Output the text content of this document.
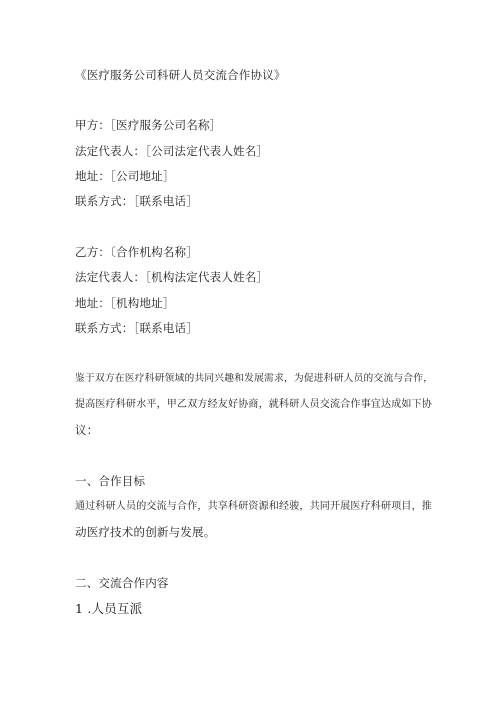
《医疗服务公司科研人员交流合作协议》
甲方：［医疗服务公司名称］
法定代表人：［公司法定代表人姓名］
地址：［公司地址］
联系方式：［联系电话］
乙方：〔合作机构名称］
法定代表人：［机构法定代表人姓名］
地址：［机构地址］
联系方式：［联系电话］
鉴于双方在医疗科研领域的共同兴趣和发展需求，为促进科研人员的交流与合作，
提高医疗科研水平，甲乙双方经友好协商，就科研人员交流合作事宜达成如下协
议：
一、合作目标
通过科研人员的交流与合作，共享科研资源和经骏，共同开展医疗科研项目，推
动医疗技术的创新与发展。
二、交流合作内容
1 .人员互派
